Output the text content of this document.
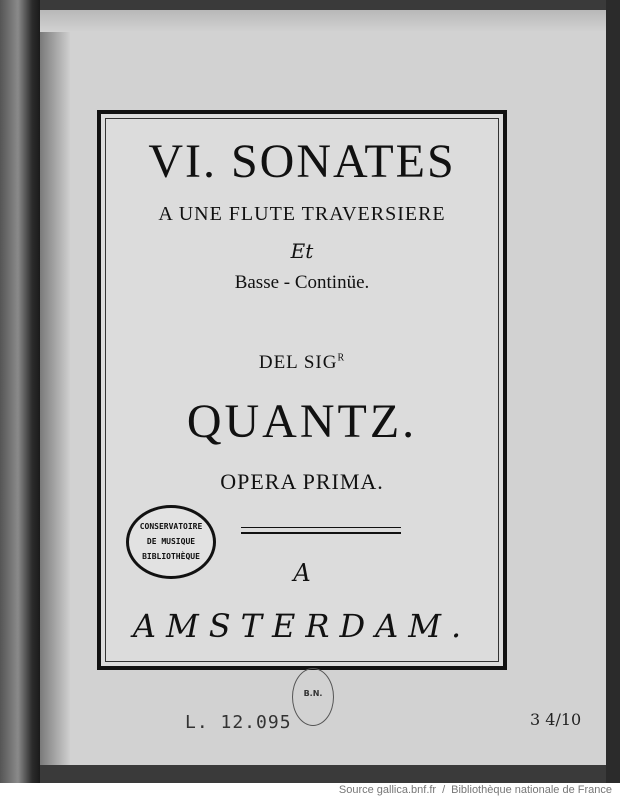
VI. SONATES
A UNE FLUTE TRAVERSIERE
Et
Basse - Continüe.
DEL $SIG^R$
QUANTZ.
OPERA PRIMA.
A
AMSTERDAM.
CONSERVATOIRE
DE MUSIQUE
BIBLIOTHÈQUE
B.N.
L. 12.095	3 4/10
Source gallica.bnf.fr / Bibliothèque nationale de France
